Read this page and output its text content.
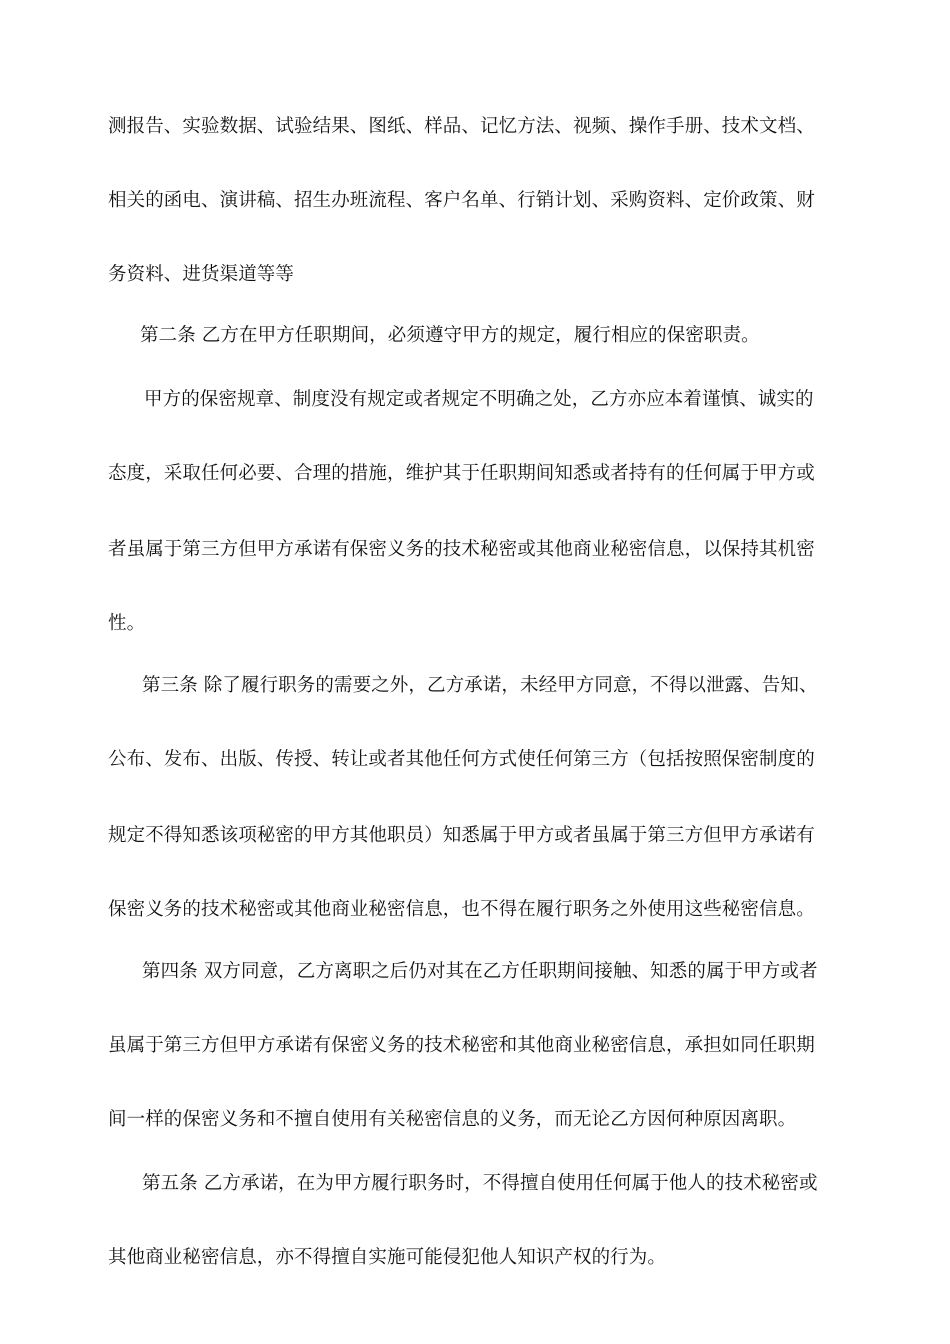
测报告、实验数据、试验结果、图纸、样品、记忆方法、视频、操作手册、技术文档、
相关的函电、演讲稿、招生办班流程、客户名单、行销计划、采购资料、定价政策、财
务资料、进货渠道等等
第二条 乙方在甲方任职期间，必须遵守甲方的规定，履行相应的保密职责。
甲方的保密规章、制度没有规定或者规定不明确之处，乙方亦应本着谨慎、诚实的
态度，采取任何必要、合理的措施，维护其于任职期间知悉或者持有的任何属于甲方或
者虽属于第三方但甲方承诺有保密义务的技术秘密或其他商业秘密信息，以保持其机密
性。
第三条 除了履行职务的需要之外，乙方承诺，未经甲方同意，不得以泄露、告知、
公布、发布、出版、传授、转让或者其他任何方式使任何第三方（包括按照保密制度的
规定不得知悉该项秘密的甲方其他职员）知悉属于甲方或者虽属于第三方但甲方承诺有
保密义务的技术秘密或其他商业秘密信息，也不得在履行职务之外使用这些秘密信息。
第四条 双方同意，乙方离职之后仍对其在乙方任职期间接触、知悉的属于甲方或者
虽属于第三方但甲方承诺有保密义务的技术秘密和其他商业秘密信息，承担如同任职期
间一样的保密义务和不擅自使用有关秘密信息的义务，而无论乙方因何种原因离职。
第五条 乙方承诺，在为甲方履行职务时，不得擅自使用任何属于他人的技术秘密或
其他商业秘密信息，亦不得擅自实施可能侵犯他人知识产权的行为。
